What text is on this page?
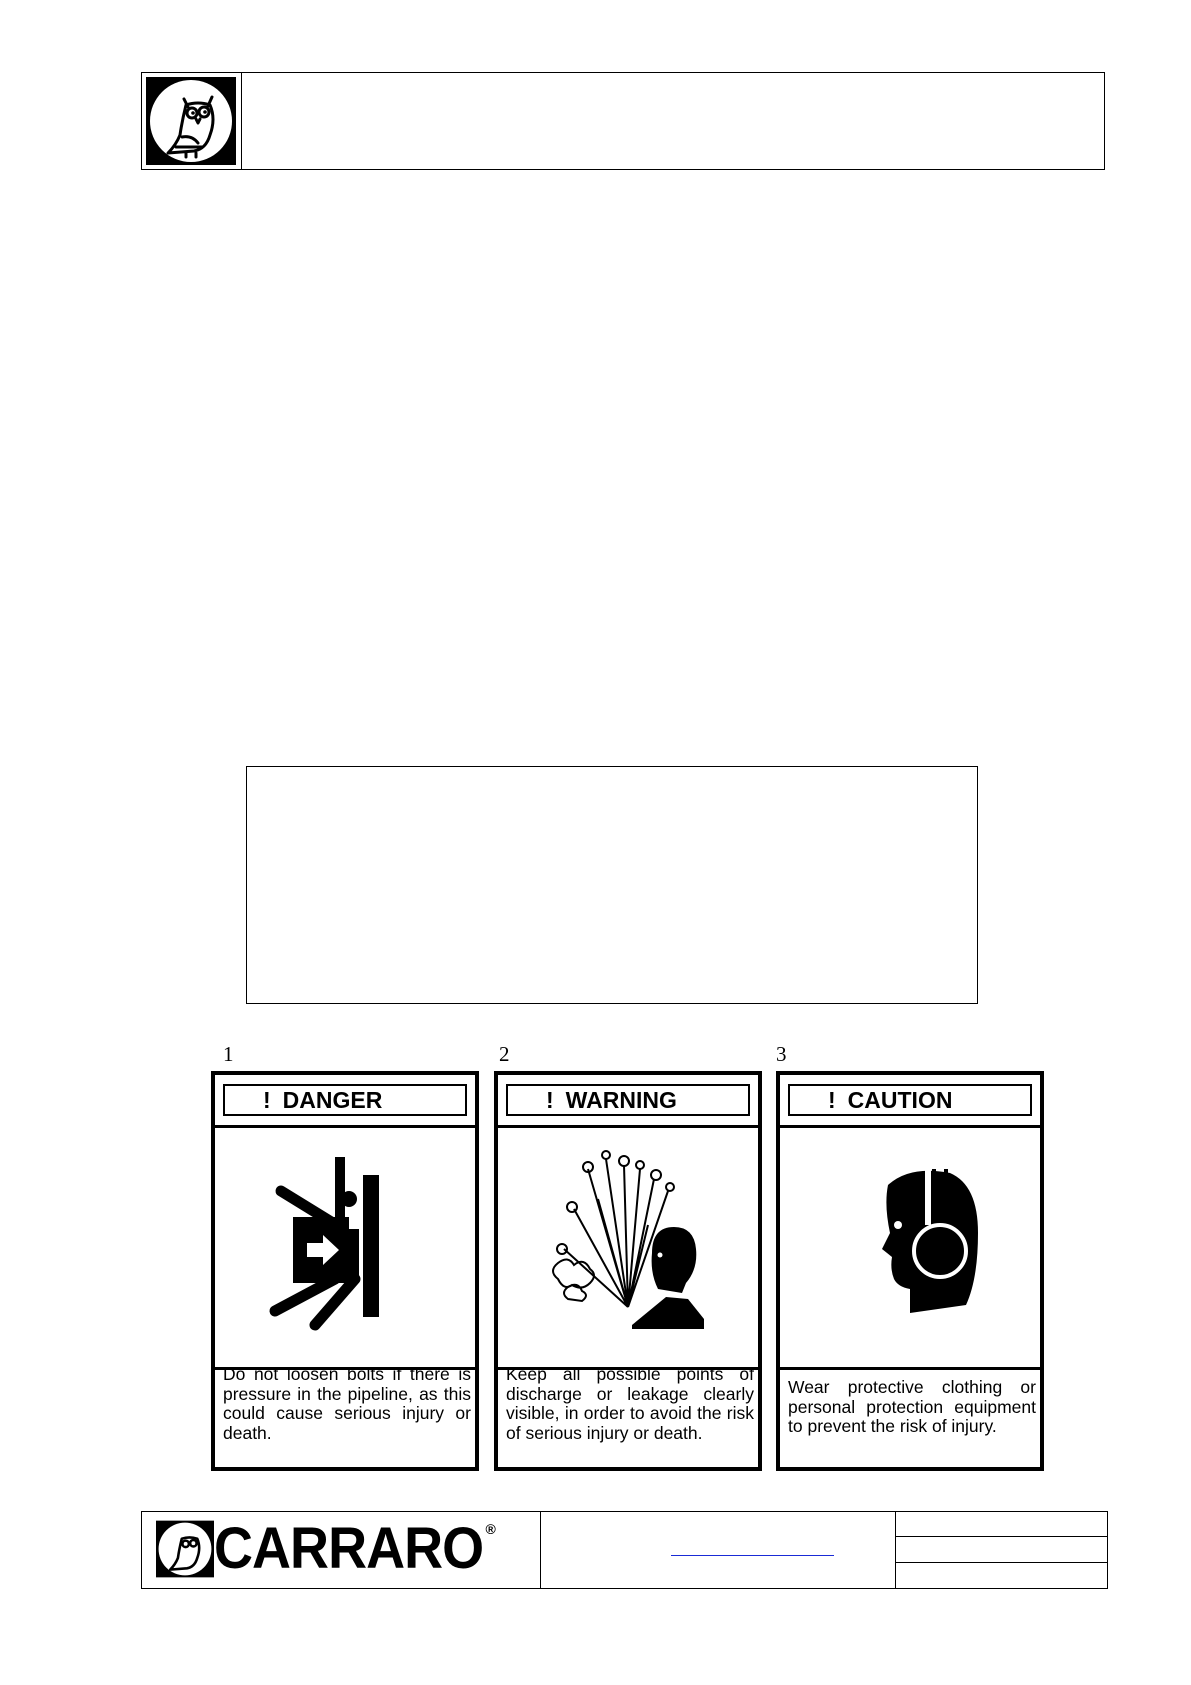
1
! DANGER
Do not loosen bolts if there is pressure in the pipeline, as this could cause serious injury or death.
2
! WARNING
Keep all possible points of discharge or leakage clearly visible, in order to avoid the risk of serious injury or death.
3
! CAUTION
Wear protective clothing or personal protection equipment to prevent the risk of injury.
CARRARO ®
